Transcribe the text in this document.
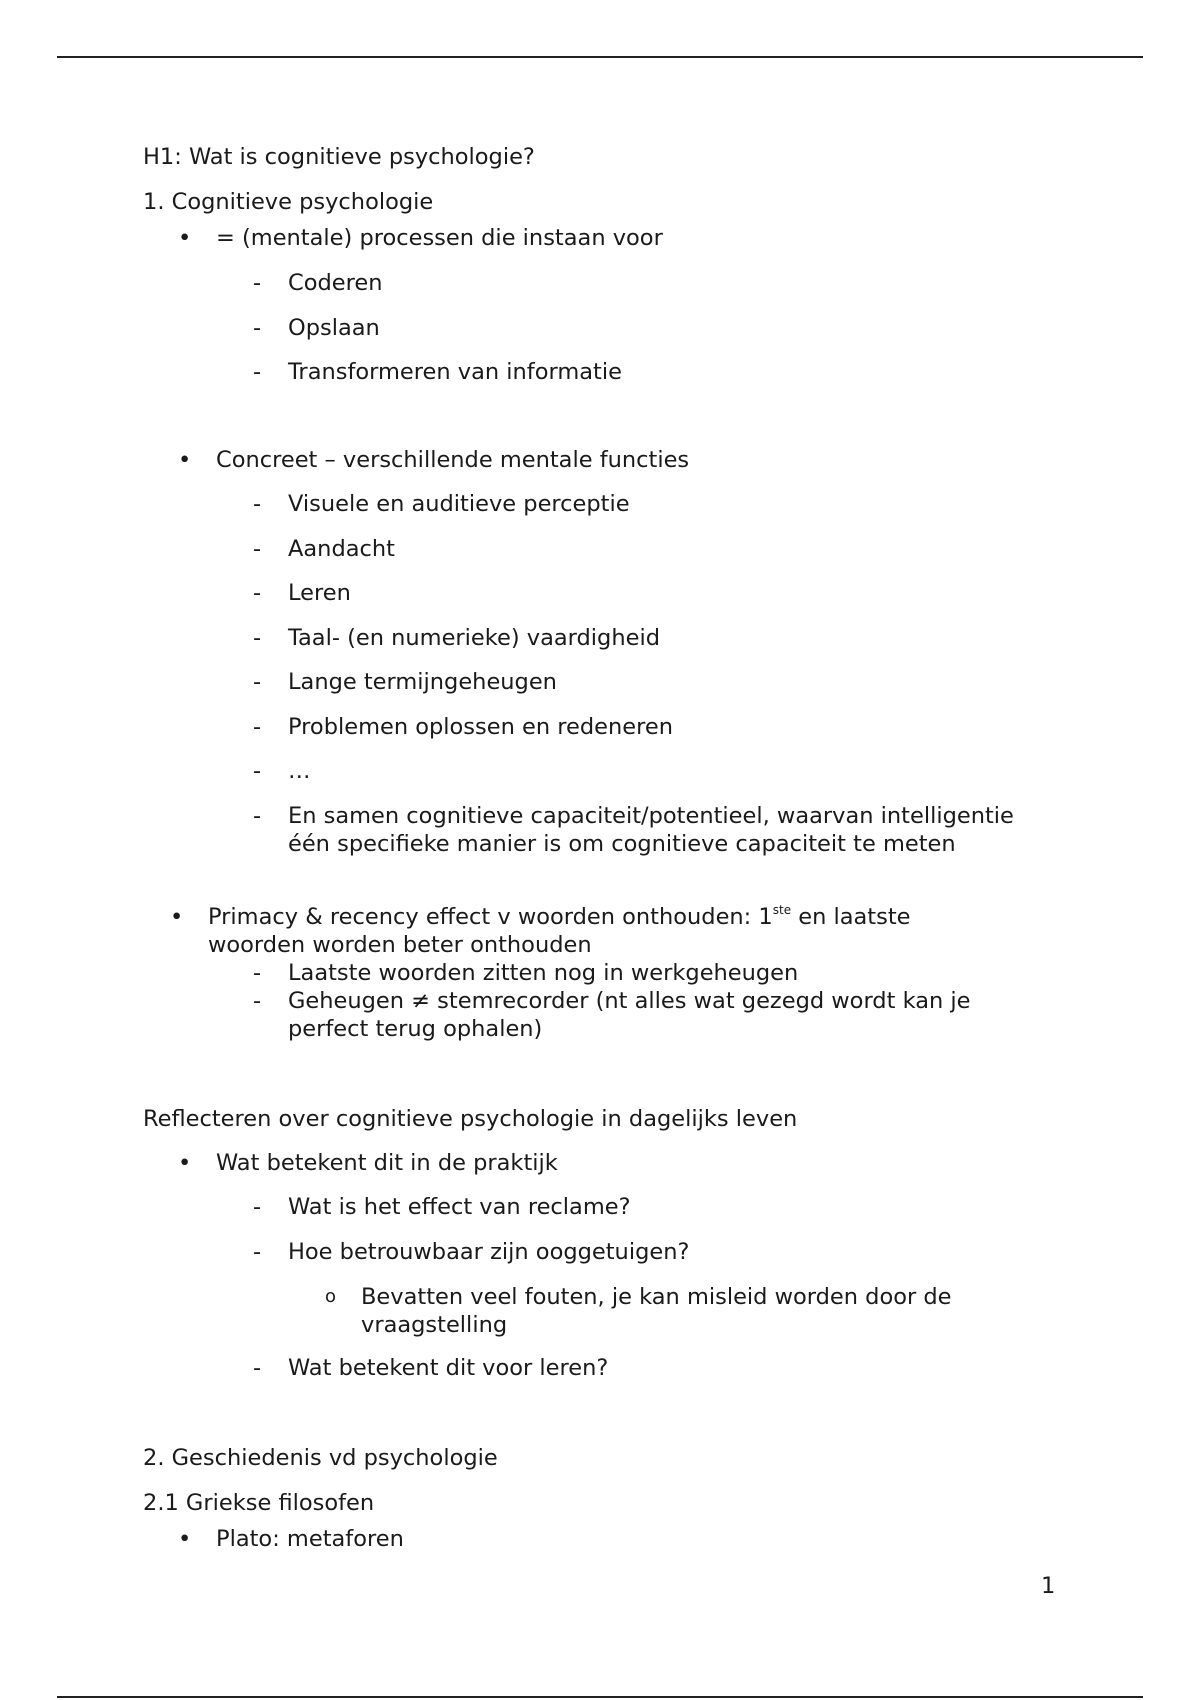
H1: Wat is cognitieve psychologie?
1. Cognitieve psychologie
• = (mentale) processen die instaan voor
- Coderen
- Opslaan
- Transformeren van informatie
• Concreet – verschillende mentale functies
- Visuele en auditieve perceptie
- Aandacht
- Leren
- Taal- (en numerieke) vaardigheid
- Lange termijngeheugen
- Problemen oplossen en redeneren
- …
- En samen cognitieve capaciteit/potentieel, waarvan intelligentie één specifieke manier is om cognitieve capaciteit te meten
• Primacy & recency effect v woorden onthouden: 1ste en laatste woorden worden beter onthouden
- Laatste woorden zitten nog in werkgeheugen
- Geheugen ≠ stemrecorder (nt alles wat gezegd wordt kan je perfect terug ophalen)
Reflecteren over cognitieve psychologie in dagelijks leven
• Wat betekent dit in de praktijk
- Wat is het effect van reclame?
- Hoe betrouwbaar zijn ooggetuigen?
o Bevatten veel fouten, je kan misleid worden door de vraagstelling
- Wat betekent dit voor leren?
2. Geschiedenis vd psychologie
2.1 Griekse filosofen
• Plato: metaforen
1
